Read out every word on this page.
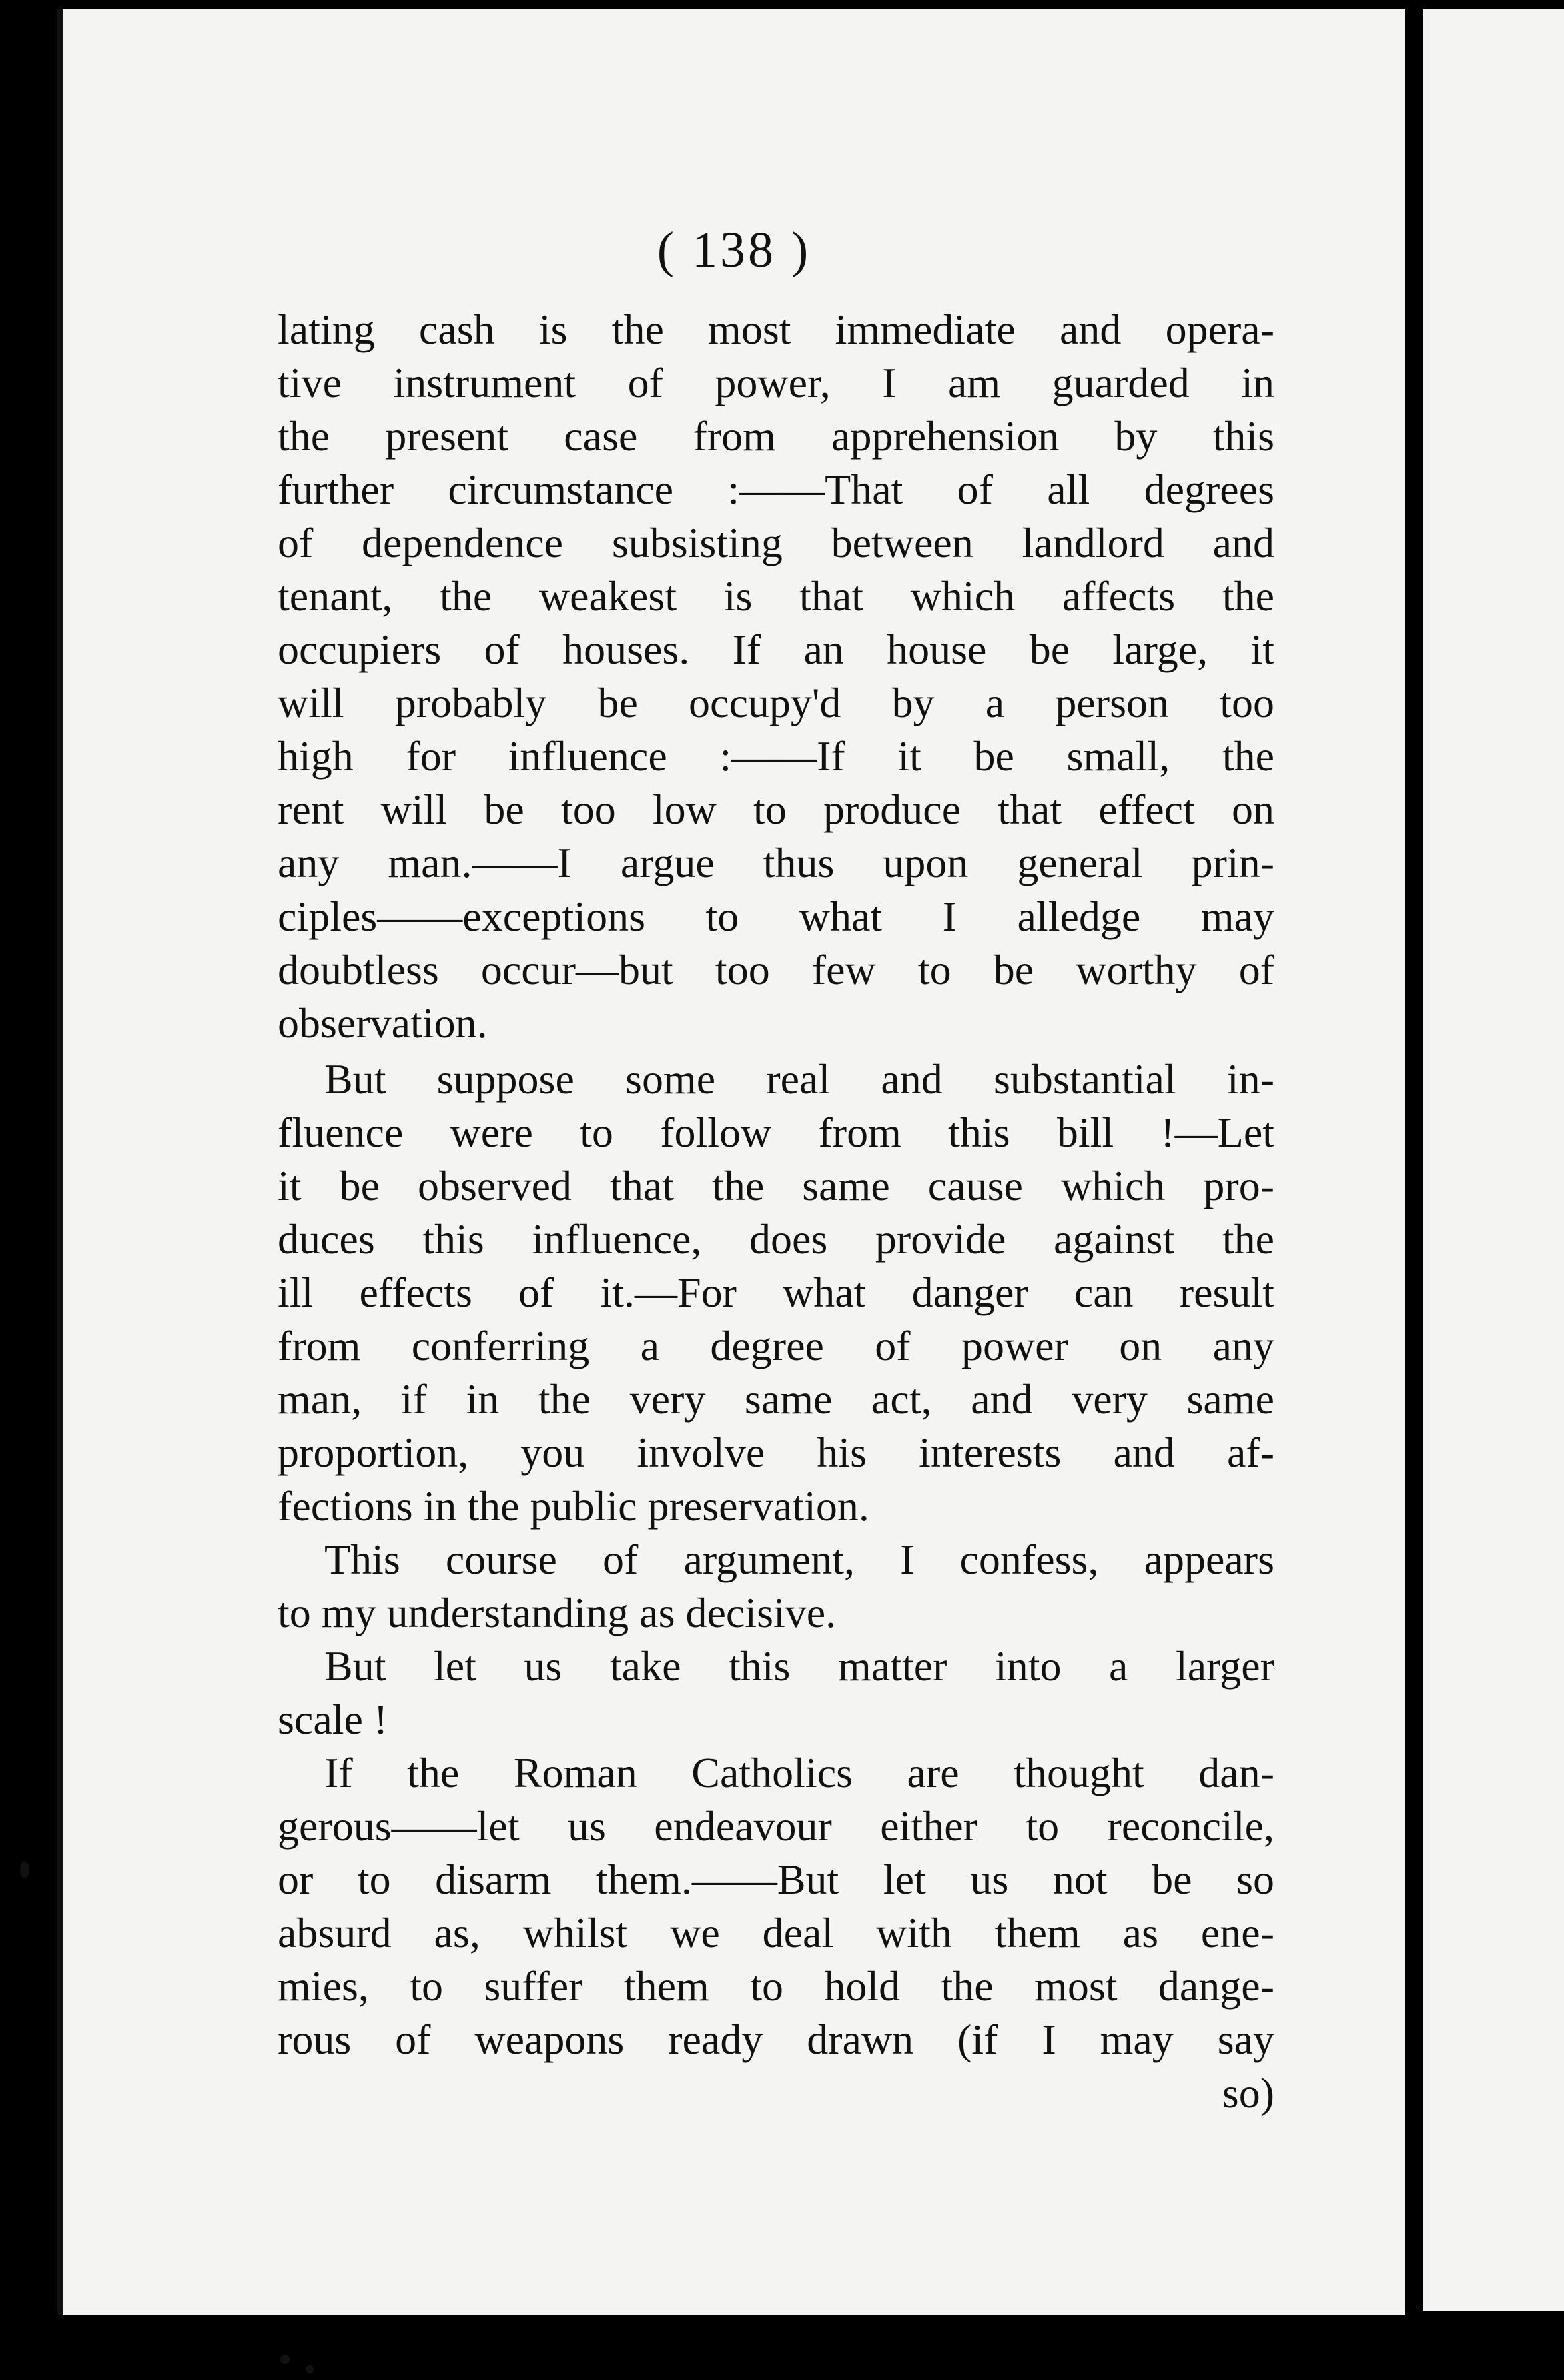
( 138 )
lating cash is the most immediate and opera-
tive instrument of power, I am guarded in
the present case from apprehension by this
further circumstance :——That of all degrees
of dependence subsisting between landlord and
tenant, the weakest is that which affects the
occupiers of houses. If an house be large, it
will probably be occupy'd by a person too
high for influence :——If it be small, the
rent will be too low to produce that effect on
any man.——I argue thus upon general prin-
ciples——exceptions to what I alledge may
doubtless occur—but too few to be worthy of
observation.
But suppose some real and substantial in-
fluence were to follow from this bill !—Let
it be observed that the same cause which pro-
duces this influence, does provide against the
ill effects of it.—For what danger can result
from conferring a degree of power on any
man, if in the very same act, and very same
proportion, you involve his interests and af-
fections in the public preservation.
This course of argument, I confess, appears
to my understanding as decisive.
But let us take this matter into a larger
scale !
If the Roman Catholics are thought dan-
gerous——let us endeavour either to reconcile,
or to disarm them.——But let us not be so
absurd as, whilst we deal with them as ene-
mies, to suffer them to hold the most dange-
rous of weapons ready drawn (if I may say
so)
